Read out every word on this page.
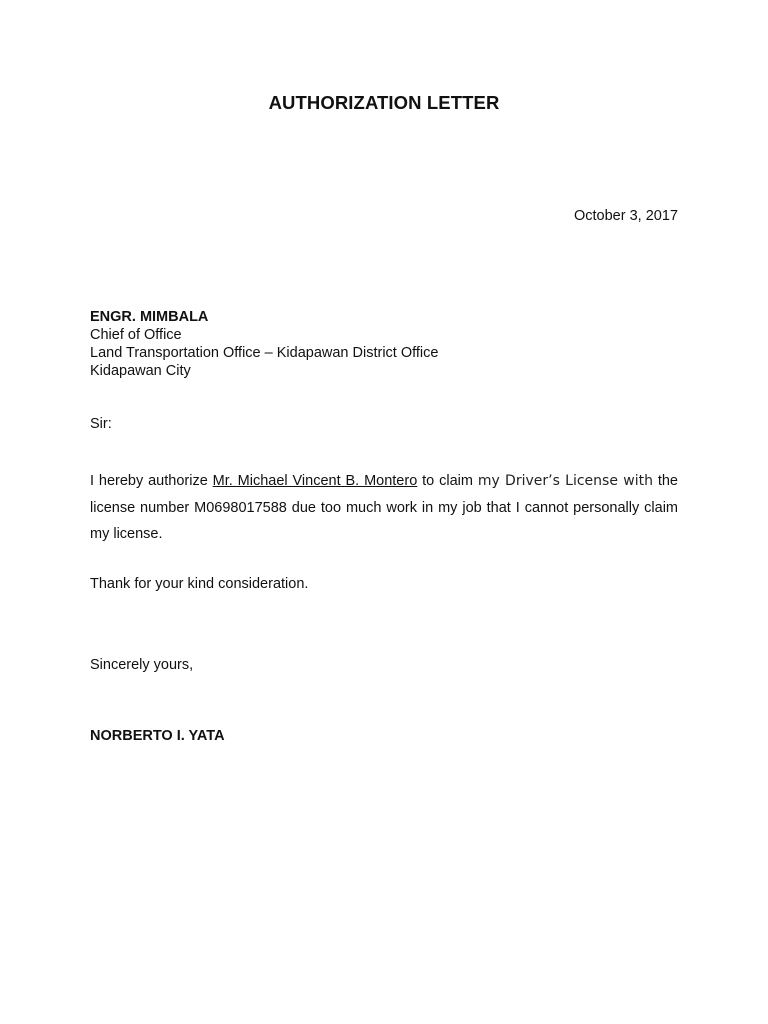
AUTHORIZATION LETTER
October 3, 2017
ENGR. MIMBALA
Chief of Office
Land Transportation Office – Kidapawan District Office
Kidapawan City
Sir:
I hereby authorize Mr. Michael Vincent B. Montero to claim my Driver’s License with the license number M0698017588 due too much work in my job that I cannot personally claim my license.
Thank for your kind consideration.
Sincerely yours,
NORBERTO I. YATA
